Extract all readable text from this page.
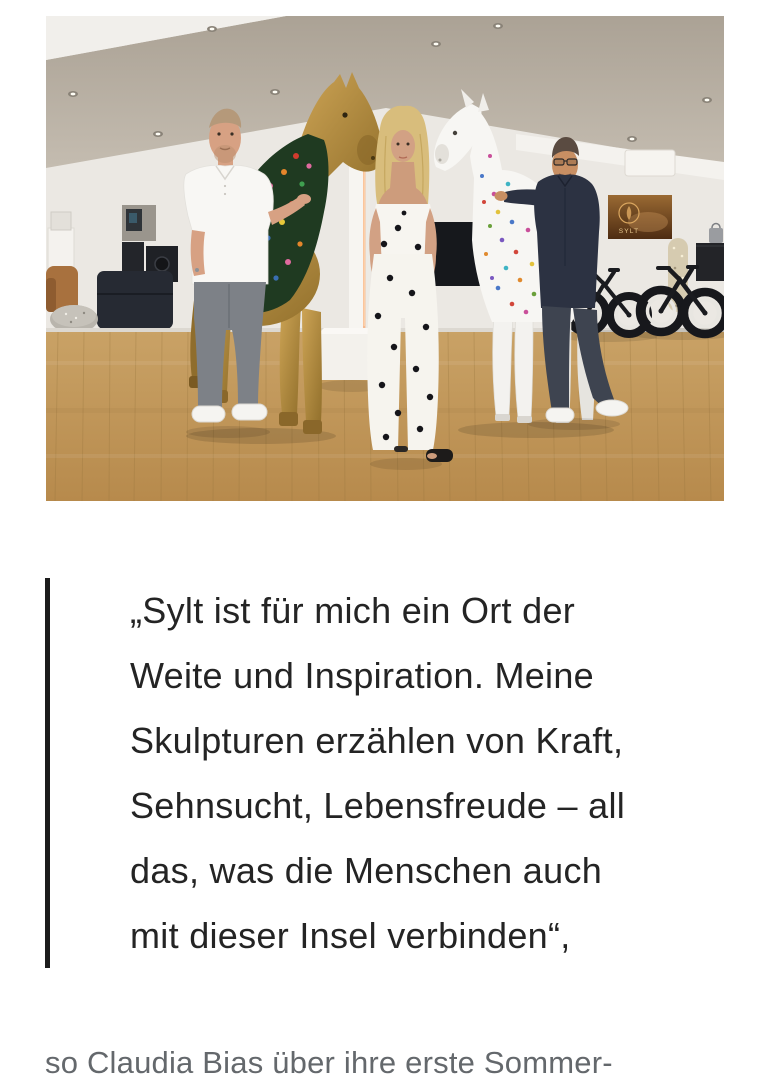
SYLT
„Sylt ist für mich ein Ort der
Weite und Inspiration. Meine
Skulpturen erzählen von Kraft,
Sehnsucht, Lebensfreude – all
das, was die Menschen auch
mit dieser Insel verbinden“,

so Claudia Bias über ihre erste Sommer-
